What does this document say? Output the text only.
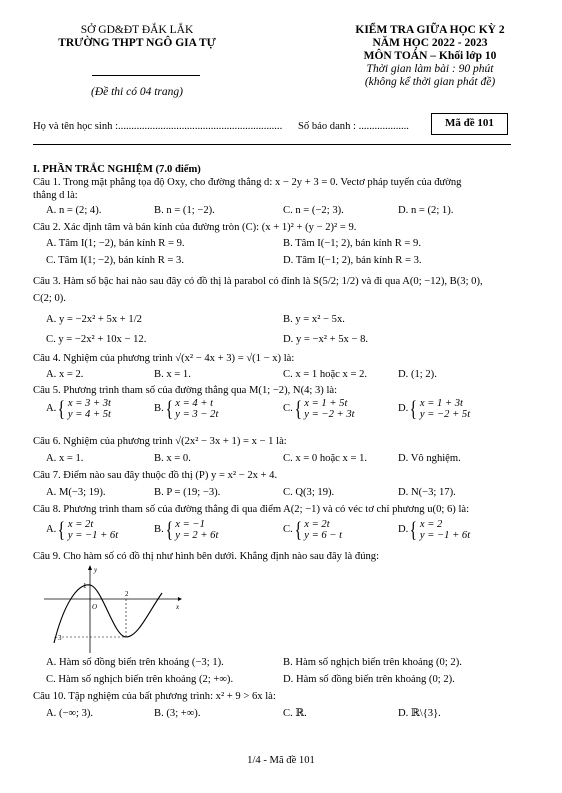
SỞ GD&ĐT ĐẮK LẮK
TRƯỜNG THPT NGÔ GIA TỰ
(Đề thi có 04 trang)
KIỂM TRA GIỮA HỌC KỲ 2
NĂM HỌC 2022 - 2023
MÔN TOÁN – Khối lớp 10
Thời gian làm bài : 90 phút
(không kể thời gian phát đề)
Họ và tên học sinh :.............................................................. Số báo danh : ...................	Mã đề 101
I. PHẦN TRẮC NGHIỆM (7.0 điểm)
Câu 1. Trong mặt phẳng tọa độ Oxy, cho đường thẳng d: x − 2y + 3 = 0. Vectơ pháp tuyến của đường
thẳng d là:
A. n = (2; 4).	B. n = (1; −2).	C. n = (−2; 3).	D. n = (2; 1).
Câu 2. Xác định tâm và bán kính của đường tròn (C): (x + 1)² + (y − 2)² = 9.
A. Tâm I(1; −2), bán kính R = 9.	B. Tâm I(−1; 2), bán kính R = 9.
C. Tâm I(1; −2), bán kính R = 3.	D. Tâm I(−1; 2), bán kính R = 3.
Câu 3. Hàm số bậc hai nào sau đây có đồ thị là parabol có đỉnh là S(5/2; 1/2) và đi qua A(0; −12), B(3; 0),
C(2; 0).
A. y = −2x² + 5x + 1/2	B. y = x² − 5x.
C. y = −2x² + 10x − 12.	D. y = −x² + 5x − 8.
Câu 4. Nghiệm của phương trình √(x² − 4x + 3) = √(1 − x) là:
A. x = 2.	B. x = 1.	C. x = 1 hoặc x = 2.	D. (1; 2).
Câu 5. Phương trình tham số của đường thẳng qua M(1; −2), N(4; 3) là:
A. { x = 3 + 3t
y = 4 + 5t
B. { x = 4 + t
y = 3 − 2t
C. { x = 1 + 5t
y = −2 + 3t
D. { x = 1 + 3t
y = −2 + 5t
Câu 6. Nghiệm của phương trình √(2x² − 3x + 1) = x − 1 là:
A. x = 1.	B. x = 0.	C. x = 0 hoặc x = 1.	D. Vô nghiệm.
Câu 7. Điểm nào sau đây thuộc đồ thị (P) y = x² − 2x + 4.
A. M(−3; 19).	B. P = (19; −3).	C. Q(3; 19).	D. N(−3; 17).
Câu 8. Phương trình tham số của đường thẳng đi qua điểm A(2; −1) và có véc tơ chỉ phương u(0; 6) là:
A. { x = 2t
y = −1 + 6t
B. { x = −1
y = 2 + 6t
C. { x = 2t
y = 6 − t
D. { x = 2
y = −1 + 6t
Câu 9. Cho hàm số có đồ thị như hình bên dưới. Khẳng định nào sau đây là đúng:
y
x
O
2
1
−3
A. Hàm số đồng biến trên khoảng (−3; 1).	B. Hàm số nghịch biến trên khoảng (0; 2).
C. Hàm số nghịch biến trên khoảng (2; +∞).	D. Hàm số đồng biến trên khoảng (0; 2).
Câu 10. Tập nghiệm của bất phương trình: x² + 9 > 6x là:
A. (−∞; 3).	B. (3; +∞).	C. ℝ.	D. ℝ\{3}.
1/4 - Mã đề 101
